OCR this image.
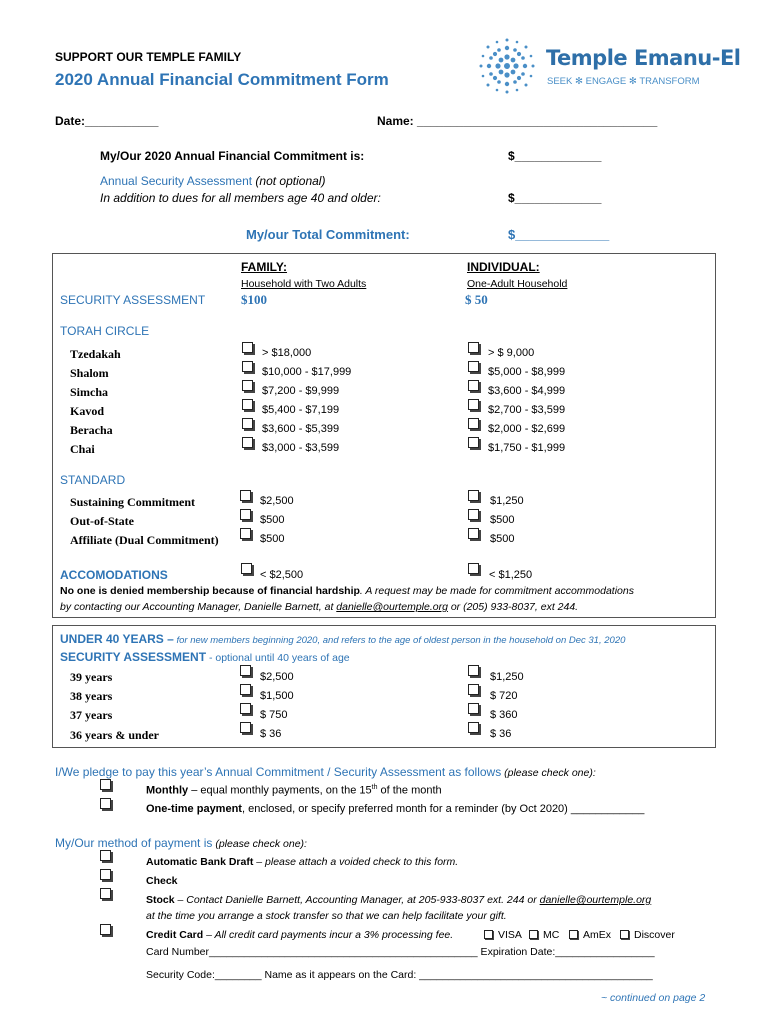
SUPPORT OUR TEMPLE FAMILY
2020 Annual Financial Commitment Form
Temple Emanu-El
SEEK ✻ ENGAGE ✻ TRANSFORM
Date:___________	Name: ____________________________________
My/Our 2020 Annual Financial Commitment is:	$_____________
Annual Security Assessment (not optional)
In addition to dues for all members age 40 and older:	$_____________
My/our Total Commitment:	$_____________
FAMILY:
Household with Two Adults
INDIVIDUAL:
One-Adult Household
SECURITY ASSESSMENT	$100	$ 50
TORAH CIRCLE
Tzedakah	> $18,000	> $ 9,000
Shalom	$10,000 - $17,999	$5,000 - $8,999
Simcha	$7,200 - $9,999	$3,600 - $4,999
Kavod	$5,400 - $7,199	$2,700 - $3,599
Beracha	$3,600 - $5,399	$2,000 - $2,699
Chai	$3,000 - $3,599	$1,750 - $1,999
STANDARD
Sustaining Commitment	$2,500	$1,250
Out-of-State	$500	$500
Affiliate (Dual Commitment)	$500	$500
ACCOMODATIONS	< $2,500	< $1,250
No one is denied membership because of financial hardship. A request may be made for commitment accommodations
by contacting our Accounting Manager, Danielle Barnett, at danielle@ourtemple.org or (205) 933-8037, ext 244.
UNDER 40 YEARS – for new members beginning 2020, and refers to the age of oldest person in the household on Dec 31, 2020
SECURITY ASSESSMENT - optional until 40 years of age
39 years	$2,500	$1,250
38 years	$1,500	$ 720
37 years	$ 750	$ 360
36 years & under	$ 36	$ 36
I/We pledge to pay this year’s Annual Commitment / Security Assessment as follows (please check one):
Monthly – equal monthly payments, on the 15th of the month
One-time payment, enclosed, or specify preferred month for a reminder (by Oct 2020) ____________
My/Our method of payment is (please check one):
Automatic Bank Draft – please attach a voided check to this form.
Check
Stock – Contact Danielle Barnett, Accounting Manager, at 205-933-8037 ext. 244 or danielle@ourtemple.org
at the time you arrange a stock transfer so that we can help facilitate your gift.
Credit Card – All credit card payments incur a 3% processing fee.	VISA MC AmEx Discover
Card Number______________________________________________ Expiration Date:_________________
Security Code:________ Name as it appears on the Card: ________________________________________
~ continued on page 2
